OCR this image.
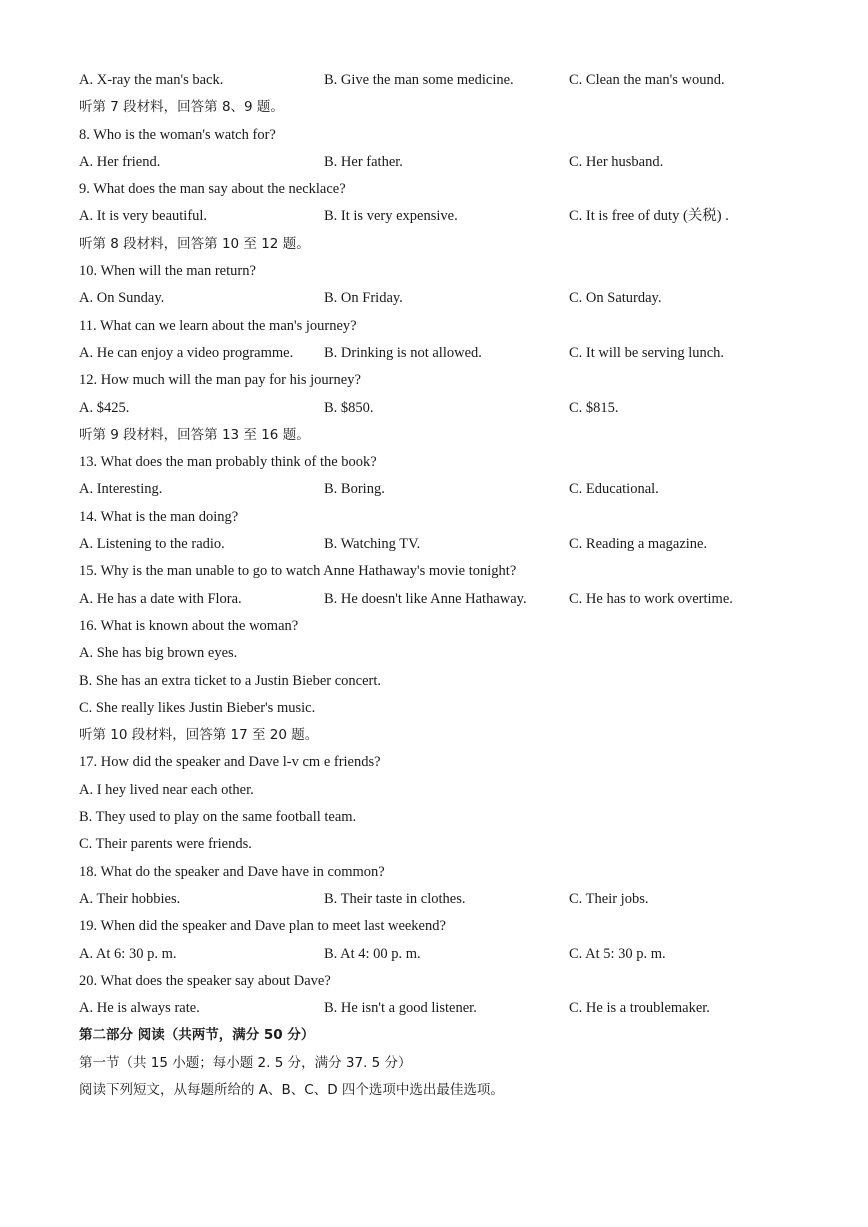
A. X-ray the man's back.	B. Give the man some medicine.	C. Clean the man's wound.
听第 7 段材料，回答第 8、9 题。
8. Who is the woman's watch for?
A. Her friend.	B. Her father.	C. Her husband.
9. What does the man say about the necklace?
A. It is very beautiful.	B. It is very expensive.	C. It is free of duty (关税) .
听第 8 段材料，回答第 10 至 12 题。
10. When will the man return?
A. On Sunday.	B. On Friday.	C. On Saturday.
11. What can we learn about the man's journey?
A. He can enjoy a video programme. B. Drinking is not allowed.	C. It will be serving lunch.
12. How much will the man pay for his journey?
A. $425.	B. $850.	C. $815.
听第 9 段材料，回答第 13 至 16 题。
13. What does the man probably think of the book?
A. Interesting.	B. Boring.	C. Educational.
14. What is the man doing?
A. Listening to the radio.	B. Watching TV.	C. Reading a magazine.
15. Why is the man unable to go to watch Anne Hathaway's movie tonight?
A. He has a date with Flora.	B. He doesn't like Anne Hathaway.	C. He has to work overtime.
16. What is known about the woman?
A. She has big brown eyes.
B. She has an extra ticket to a Justin Bieber concert.
C. She really likes Justin Bieber's music.
听第 10 段材料，回答第 17 至 20 题。
17. How did the speaker and Dave l-v cm e friends?
A. I hey lived near each other.
B. They used to play on the same football team.
C. Their parents were friends.
18. What do the speaker and Dave have in common?
A. Their hobbies.	B. Their taste in clothes.	C. Their jobs.
19. When did the speaker and Dave plan to meet last weekend?
A. At 6: 30 p. m.	B. At 4: 00 p. m.	C. At 5: 30 p. m.
20. What does the speaker say about Dave?
A. He is always rate.	B. He isn't a good listener.	C. He is a troublemaker.
第二部分 阅读（共两节，满分 50 分）
第一节（共 15 小题；每小题 2. 5 分，满分 37. 5 分）
阅读下列短文，从每题所给的 A、B、C、D 四个选项中选出最佳选项。
